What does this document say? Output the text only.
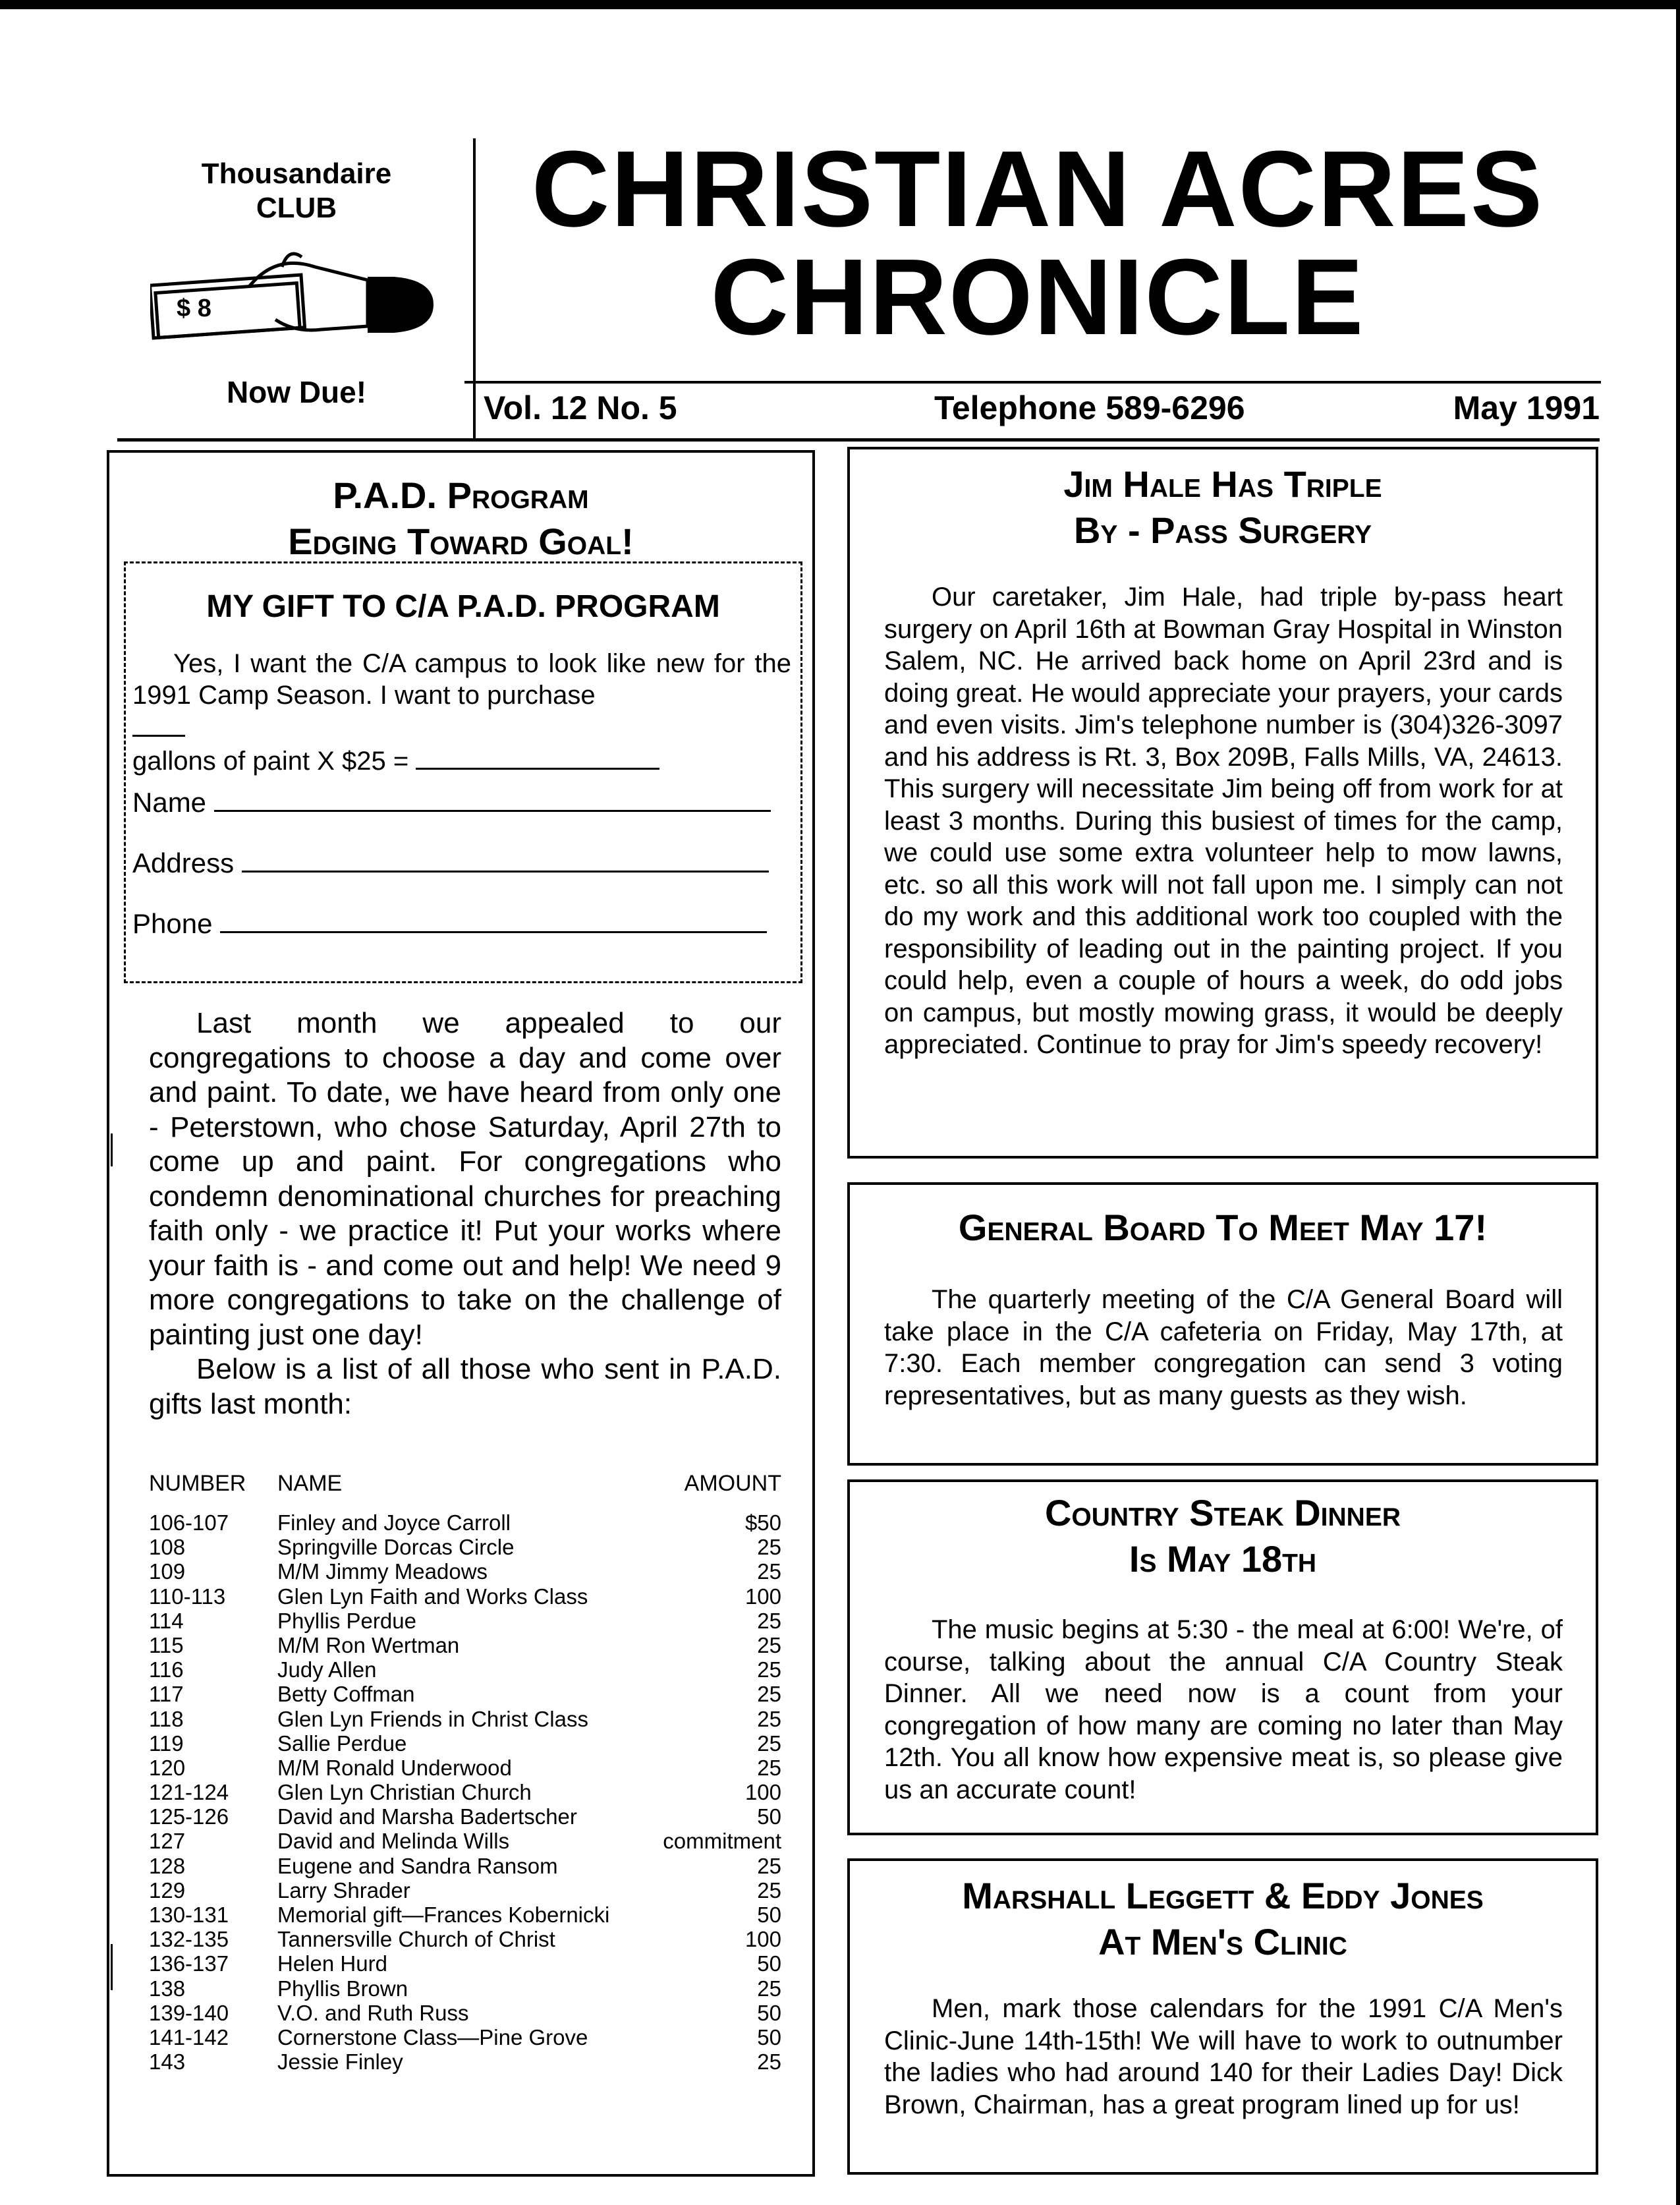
Thousandaire
CLUB
Now Due!
$ 8
CHRISTIAN ACRES
CHRONICLE
Vol. 12 No. 5	Telephone 589-6296	May 1991
P.A.D. Program
Edging Toward Goal!
MY GIFT TO C/A P.A.D. PROGRAM
Yes, I want the C/A campus to look like new for the 1991 Camp Season. I want to purchase
gallons of paint X $25 =
Name
Address
Phone

Last month we appealed to our congregations to choose a day and come over and paint. To date, we have heard from only one - Peterstown, who chose Saturday, April 27th to come up and paint. For congregations who condemn denominational churches for preaching faith only - we practice it! Put your works where your faith is - and come out and help! We need 9 more congregations to take on the challenge of painting just one day!

Below is a list of all those who sent in P.A.D. gifts last month:

NUMBER NAME	AMOUNT
106-107 Finley and Joyce Carroll	$50
108	Springville Dorcas Circle	25
109	M/M Jimmy Meadows	25
110-113 Glen Lyn Faith and Works Class	100
114	Phyllis Perdue	25
115	M/M Ron Wertman	25
116	Judy Allen	25
117	Betty Coffman	25
118	Glen Lyn Friends in Christ Class	25
119	Sallie Perdue	25
120	M/M Ronald Underwood	25
121-124 Glen Lyn Christian Church	100
125-126 David and Marsha Badertscher	50
127	David and Melinda Wills	commitment
128	Eugene and Sandra Ransom	25
129	Larry Shrader	25
130-131 Memorial gift—Frances Kobernicki	50
132-135 Tannersville Church of Christ	100
136-137 Helen Hurd	50
138	Phyllis Brown	25
139-140 V.O. and Ruth Russ	50
141-142 Cornerstone Class—Pine Grove	50
143	Jessie Finley	25
Jim Hale Has Triple
By - Pass Surgery
Our caretaker, Jim Hale, had triple by-pass heart surgery on April 16th at Bowman Gray Hospital in Winston Salem, NC. He arrived back home on April 23rd and is doing great. He would appreciate your prayers, your cards and even visits. Jim's telephone number is (304)326-3097 and his address is Rt. 3, Box 209B, Falls Mills, VA, 24613. This surgery will necessitate Jim being off from work for at least 3 months. During this busiest of times for the camp, we could use some extra volunteer help to mow lawns, etc. so all this work will not fall upon me. I simply can not do my work and this additional work too coupled with the responsibility of leading out in the painting project. If you could help, even a couple of hours a week, do odd jobs on campus, but mostly mowing grass, it would be deeply appreciated. Continue to pray for Jim's speedy recovery!
General Board To Meet May 17!
The quarterly meeting of the C/A General Board will take place in the C/A cafeteria on Friday, May 17th, at 7:30. Each member congregation can send 3 voting representatives, but as many guests as they wish.
Country Steak Dinner
Is May 18th
The music begins at 5:30 - the meal at 6:00! We're, of course, talking about the annual C/A Country Steak Dinner. All we need now is a count from your congregation of how many are coming no later than May 12th. You all know how expensive meat is, so please give us an accurate count!
Marshall Leggett & Eddy Jones
At Men's Clinic
Men, mark those calendars for the 1991 C/A Men's Clinic-June 14th-15th! We will have to work to outnumber the ladies who had around 140 for their Ladies Day! Dick Brown, Chairman, has a great program lined up for us!
